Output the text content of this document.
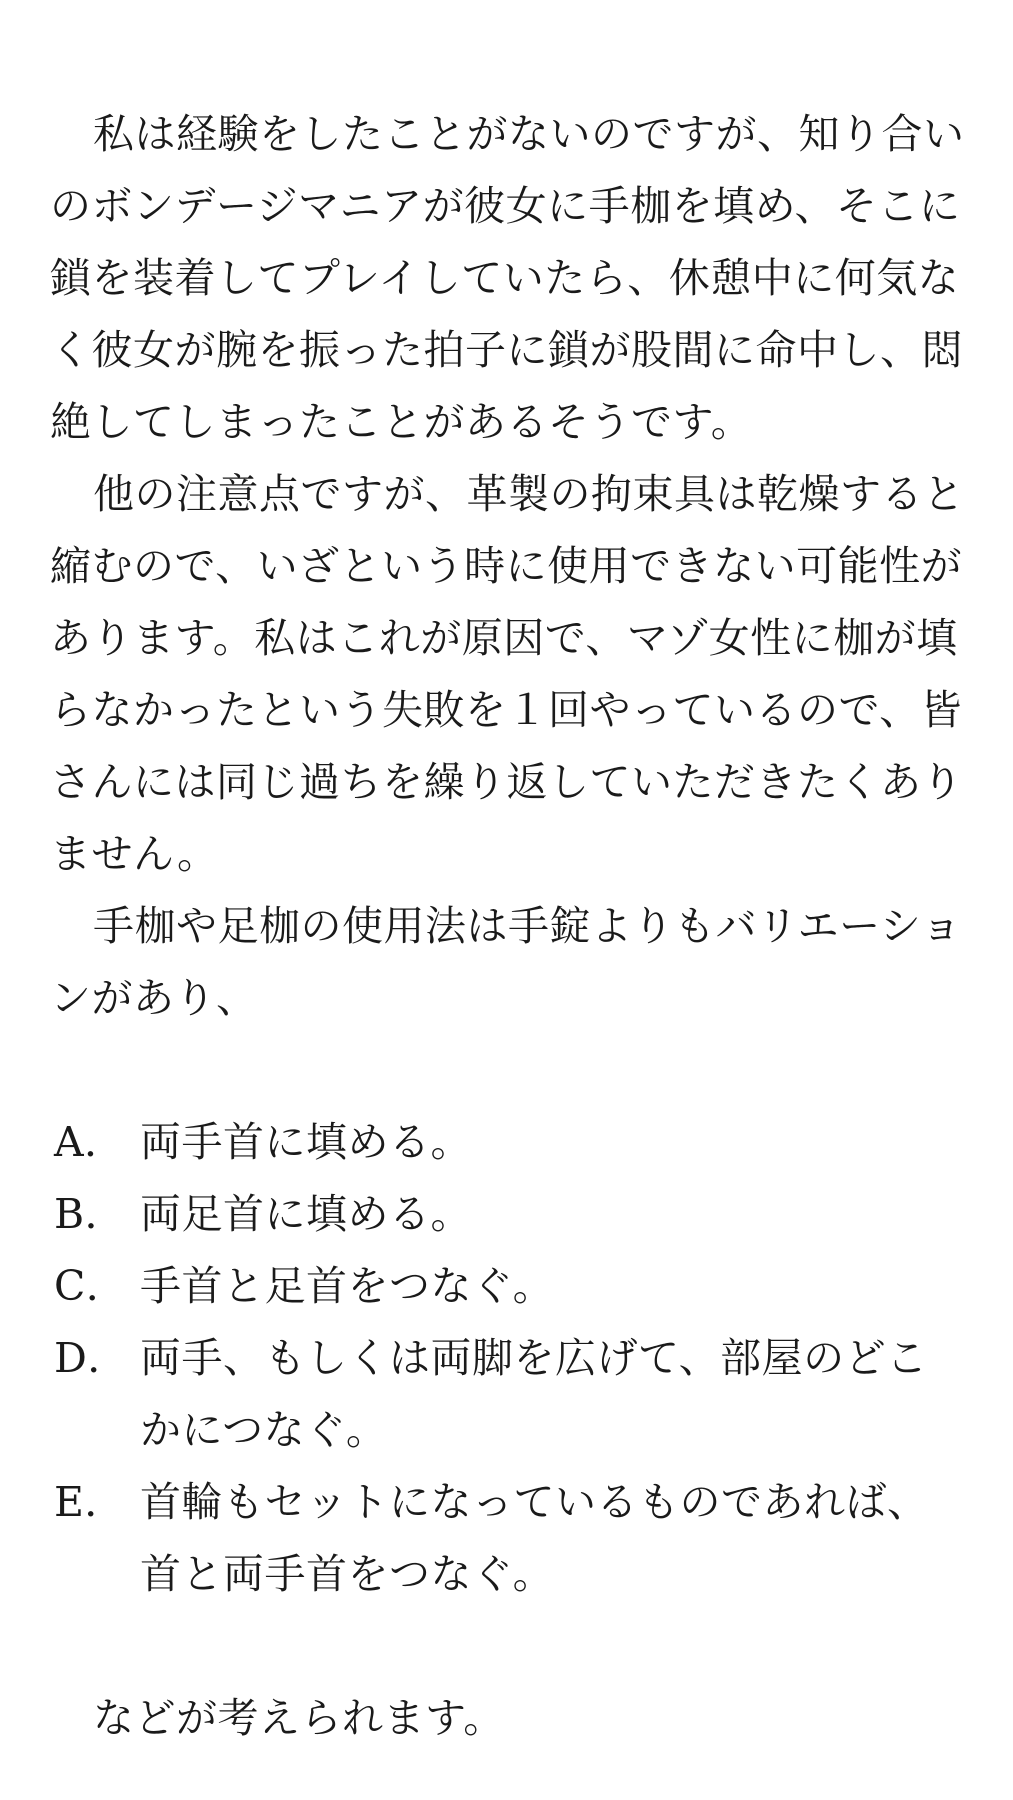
私は経験をしたことがないのですが、知り合いのボンデージマニアが彼女に手枷を填め、そこに鎖を装着してプレイしていたら、休憩中に何気なく彼女が腕を振った拍子に鎖が股間に命中し、悶絶してしまったことがあるそうです。

他の注意点ですが、革製の拘束具は乾燥すると縮むので、いざという時に使用できない可能性があります。私はこれが原因で、マゾ女性に枷が填らなかったという失敗を１回やっているので、皆さんには同じ過ちを繰り返していただきたくありません。

手枷や足枷の使用法は手錠よりもバリエーションがあり、

A． 両手首に填める。
B． 両足首に填める。
C． 手首と足首をつなぐ。
D． 両手、もしくは両脚を広げて、部屋のどこかにつなぐ。
E． 首輪もセットになっているものであれば、首と両手首をつなぐ。

などが考えられます。
